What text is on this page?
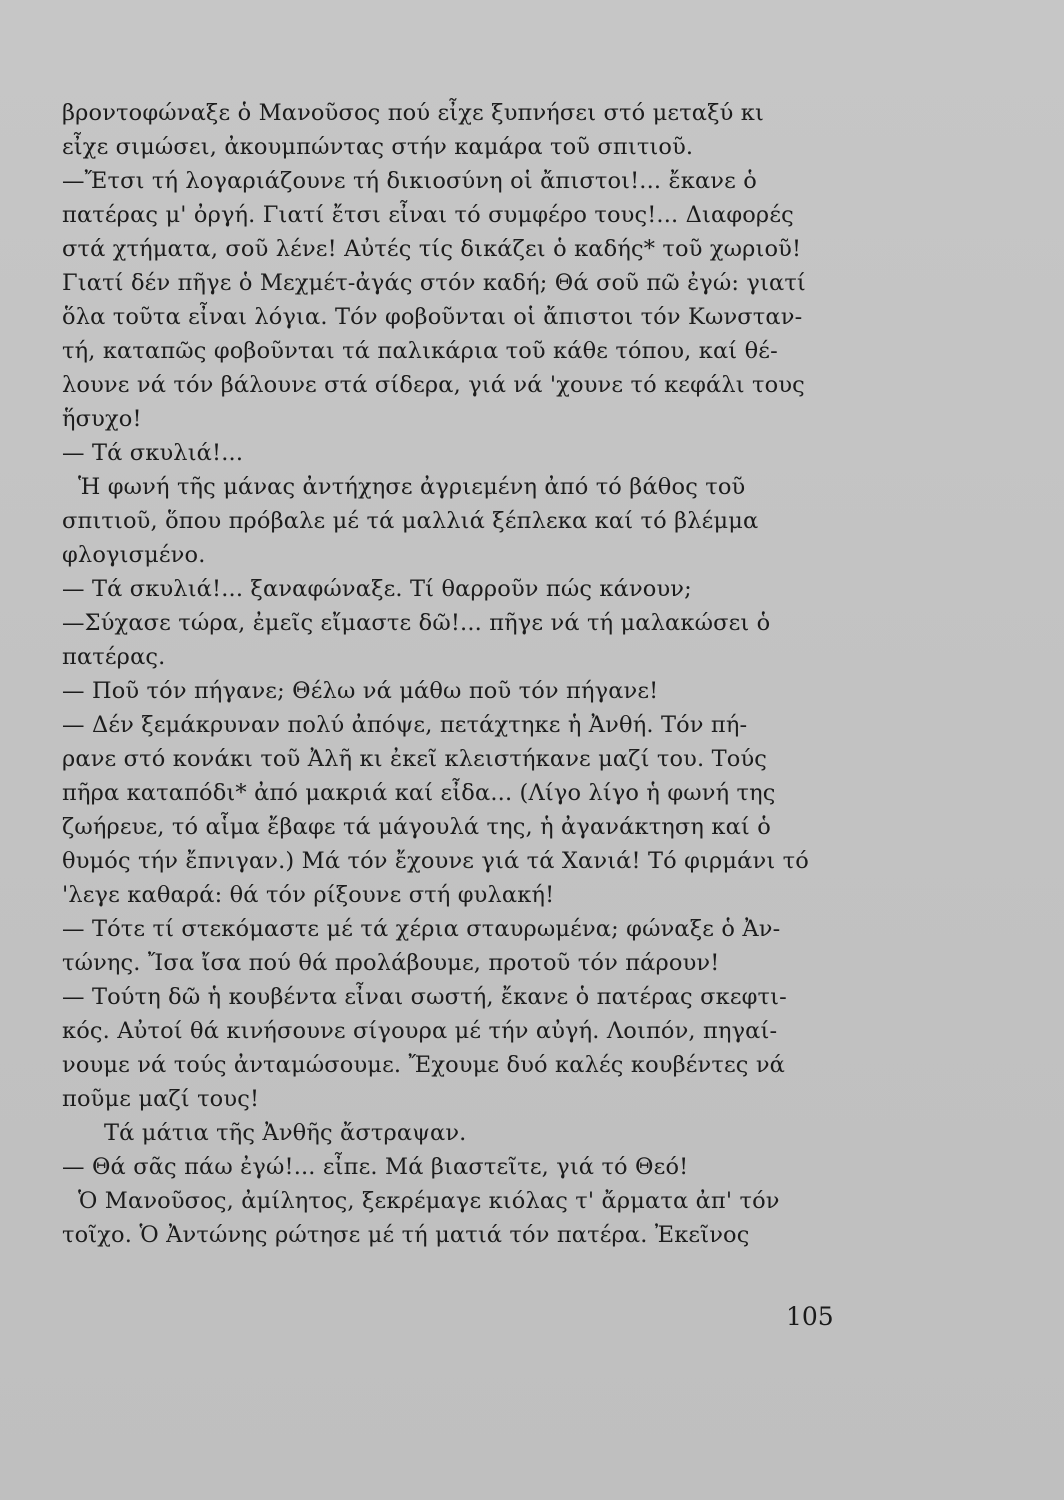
βροντοφώναξε ὁ Μανοῦσος πού εἶχε ξυπνήσει στό μεταξύ κι
εἶχε σιμώσει, ἀκουμπώντας στήν καμάρα τοῦ σπιτιοῦ.
—Ἔτσι τή λογαριάζουνε τή δικιοσύνη οἱ ἄπιστοι!... ἔκανε ὁ
πατέρας μ' ὀργή. Γιατί ἔτσι εἶναι τό συμφέρο τους!... Διαφορές
στά χτήματα, σοῦ λένε! Αὐτές τίς δικάζει ὁ καδής* τοῦ χωριοῦ!
Γιατί δέν πῆγε ὁ Μεχμέτ-ἀγάς στόν καδή; Θά σοῦ πῶ ἐγώ: γιατί
ὅλα τοῦτα εἶναι λόγια. Τόν φοβοῦνται οἱ ἄπιστοι τόν Κωνσταν-
τή, καταπῶς φοβοῦνται τά παλικάρια τοῦ κάθε τόπου, καί θέ-
λουνε νά τόν βάλουνε στά σίδερα, γιά νά 'χουνε τό κεφάλι τους
ἥσυχο!
— Τά σκυλιά!...
Ἡ φωνή τῆς μάνας ἀντήχησε ἀγριεμένη ἀπό τό βάθος τοῦ
σπιτιοῦ, ὅπου πρόβαλε μέ τά μαλλιά ξέπλεκα καί τό βλέμμα
φλογισμένο.
— Τά σκυλιά!... ξαναφώναξε. Τί θαρροῦν πώς κάνουν;
—Σύχασε τώρα, ἐμεῖς εἴμαστε δῶ!... πῆγε νά τή μαλακώσει ὁ
πατέρας.
— Ποῦ τόν πήγανε; Θέλω νά μάθω ποῦ τόν πήγανε!
— Δέν ξεμάκρυναν πολύ ἀπόψε, πετάχτηκε ἡ Ἀνθή. Τόν πή-
ρανε στό κονάκι τοῦ Ἀλῆ κι ἐκεῖ κλειστήκανε μαζί του. Τούς
πῆρα καταπόδι* ἀπό μακριά καί εἶδα... (Λίγο λίγο ἡ φωνή της
ζωήρευε, τό αἷμα ἔβαφε τά μάγουλά της, ἡ ἀγανάκτηση καί ὁ
θυμός τήν ἔπνιγαν.) Μά τόν ἔχουνε γιά τά Χανιά! Τό φιρμάνι τό
'λεγε καθαρά: θά τόν ρίξουνε στή φυλακή!
— Τότε τί στεκόμαστε μέ τά χέρια σταυρωμένα; φώναξε ὁ Ἀν-
τώνης. Ἴσα ἴσα πού θά προλάβουμε, προτοῦ τόν πάρουν!
— Τούτη δῶ ἡ κουβέντα εἶναι σωστή, ἔκανε ὁ πατέρας σκεφτι-
κός. Αὐτοί θά κινήσουνε σίγουρα μέ τήν αὐγή. Λοιπόν, πηγαί-
νουμε νά τούς ἀνταμώσουμε. Ἔχουμε δυό καλές κουβέντες νά
ποῦμε μαζί τους!
Τά μάτια τῆς Ἀνθῆς ἄστραψαν.
— Θά σᾶς πάω ἐγώ!... εἶπε. Μά βιαστεῖτε, γιά τό Θεό!
Ὁ Μανοῦσος, ἀμίλητος, ξεκρέμαγε κιόλας τ' ἄρματα ἀπ' τόν
τοῖχο. Ὁ Ἀντώνης ρώτησε μέ τή ματιά τόν πατέρα. Ἐκεῖνος
105
